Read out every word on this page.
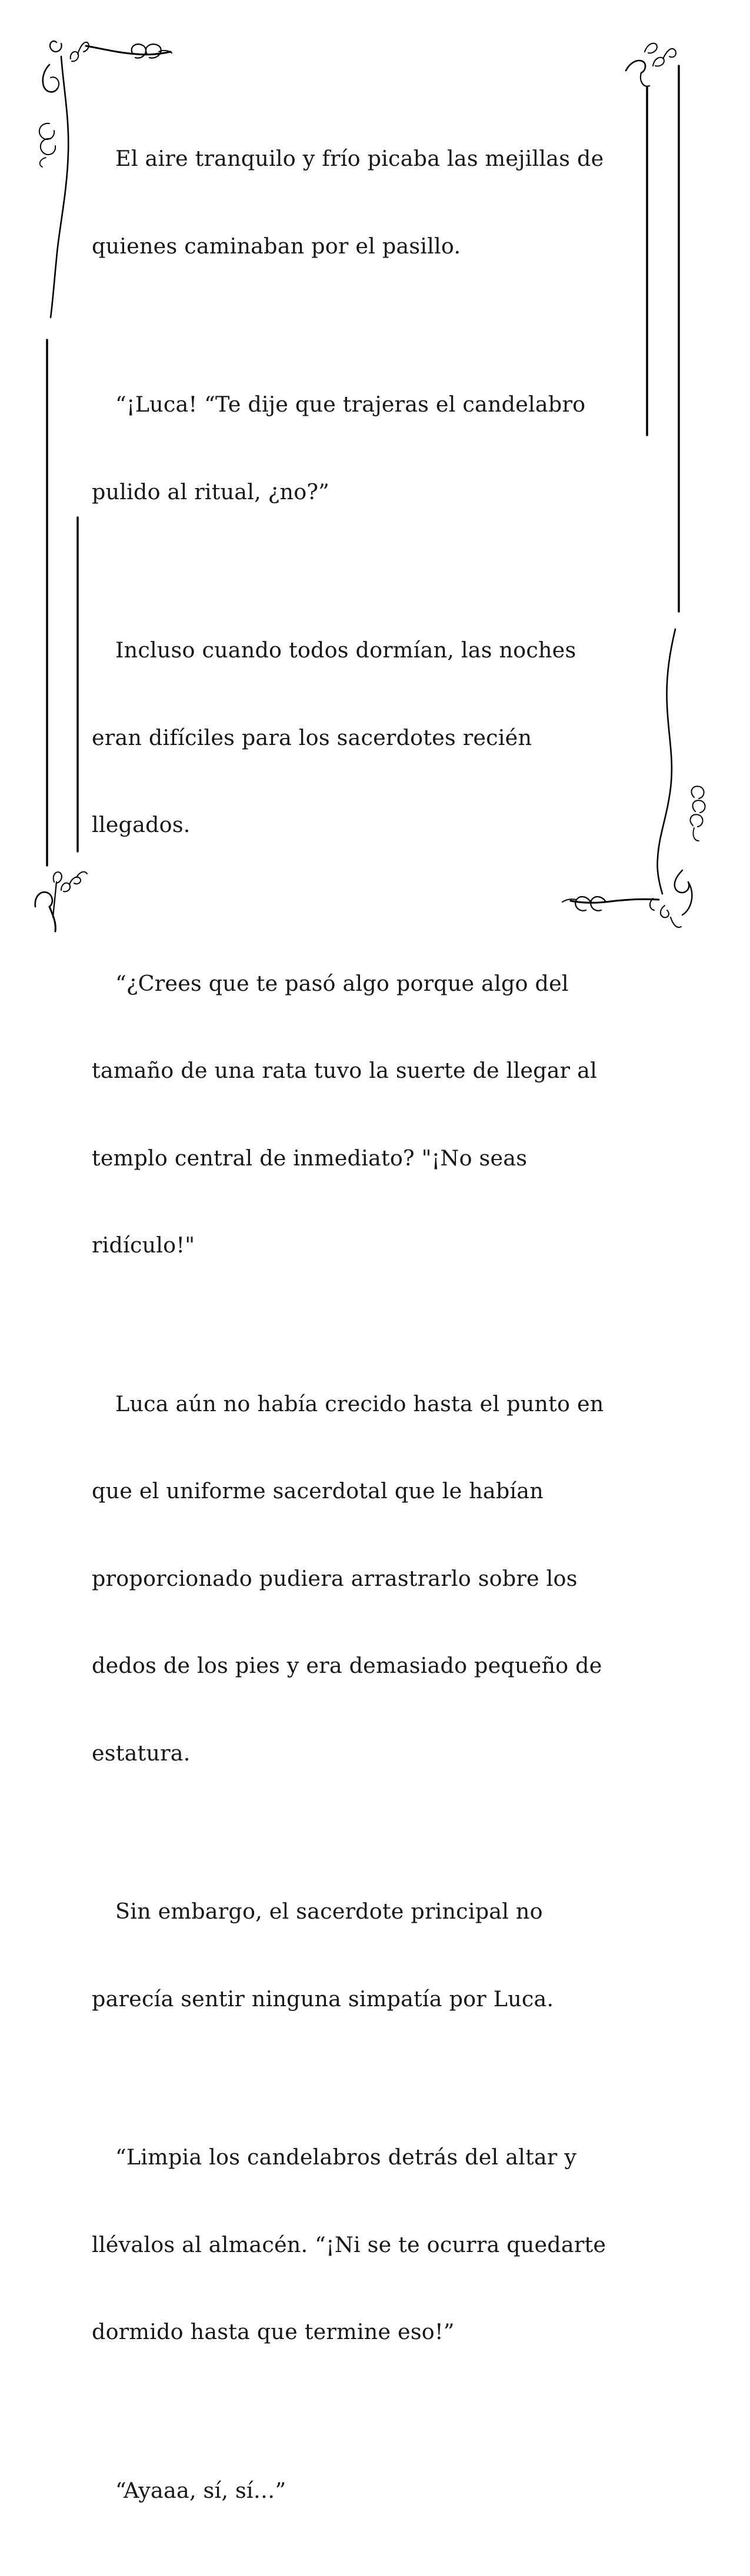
El aire tranquilo y frío picaba las mejillas de

quienes caminaban por el pasillo.

“¡Luca! “Te dije que trajeras el candelabro

pulido al ritual, ¿no?”

Incluso cuando todos dormían, las noches

eran difíciles para los sacerdotes recién

llegados.

“¿Crees que te pasó algo porque algo del

tamaño de una rata tuvo la suerte de llegar al

templo central de inmediato? "¡No seas

ridículo!"

Luca aún no había crecido hasta el punto en

que el uniforme sacerdotal que le habían

proporcionado pudiera arrastrarlo sobre los

dedos de los pies y era demasiado pequeño de

estatura.

Sin embargo, el sacerdote principal no

parecía sentir ninguna simpatía por Luca.

“Limpia los candelabros detrás del altar y

llévalos al almacén. “¡Ni se te ocurra quedarte

dormido hasta que termine eso!”

“Ayaaa, sí, sí…”
